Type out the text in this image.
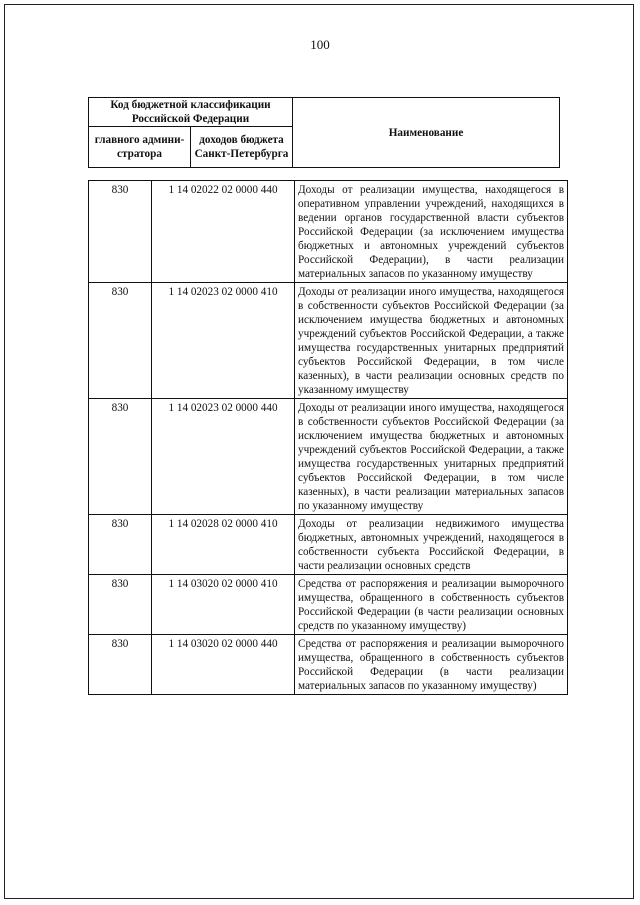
100
Код бюджетной классификации Российской Федерации		Наименование
главного админи-стратора	доходов бюджета Санкт-Петербурга	
830	1 14 02022 02 0000 440	Доходы от реализации имущества, находящегося в оперативном управлении учреждений, находящихся в ведении органов государственной власти субъектов Российской Федерации (за исключением имущества бюджетных и автономных учреждений субъектов Российской Федерации), в части реализации материальных запасов по указанному имуществу
830	1 14 02023 02 0000 410	Доходы от реализации иного имущества, находящегося в собственности субъектов Российской Федерации (за исключением имущества бюджетных и автономных учреждений субъектов Российской Федерации, а также имущества государственных унитарных предприятий субъектов Российской Федерации, в том числе казенных), в части реализации основных средств по указанному имуществу
830	1 14 02023 02 0000 440	Доходы от реализации иного имущества, находящегося в собственности субъектов Российской Федерации (за исключением имущества бюджетных и автономных учреждений субъектов Российской Федерации, а также имущества государственных унитарных предприятий субъектов Российской Федерации, в том числе казенных), в части реализации материальных запасов по указанному имуществу
830	1 14 02028 02 0000 410	Доходы от реализации недвижимого имущества бюджетных, автономных учреждений, находящегося в собственности субъекта Российской Федерации, в части реализации основных средств
830	1 14 03020 02 0000 410	Средства от распоряжения и реализации выморочного имущества, обращенного в собственность субъектов Российской Федерации (в части реализации основных средств по указанному имуществу)
830	1 14 03020 02 0000 440	Средства от распоряжения и реализации выморочного имущества, обращенного в собственность субъектов Российской Федерации (в части реализации материальных запасов по указанному имуществу)
